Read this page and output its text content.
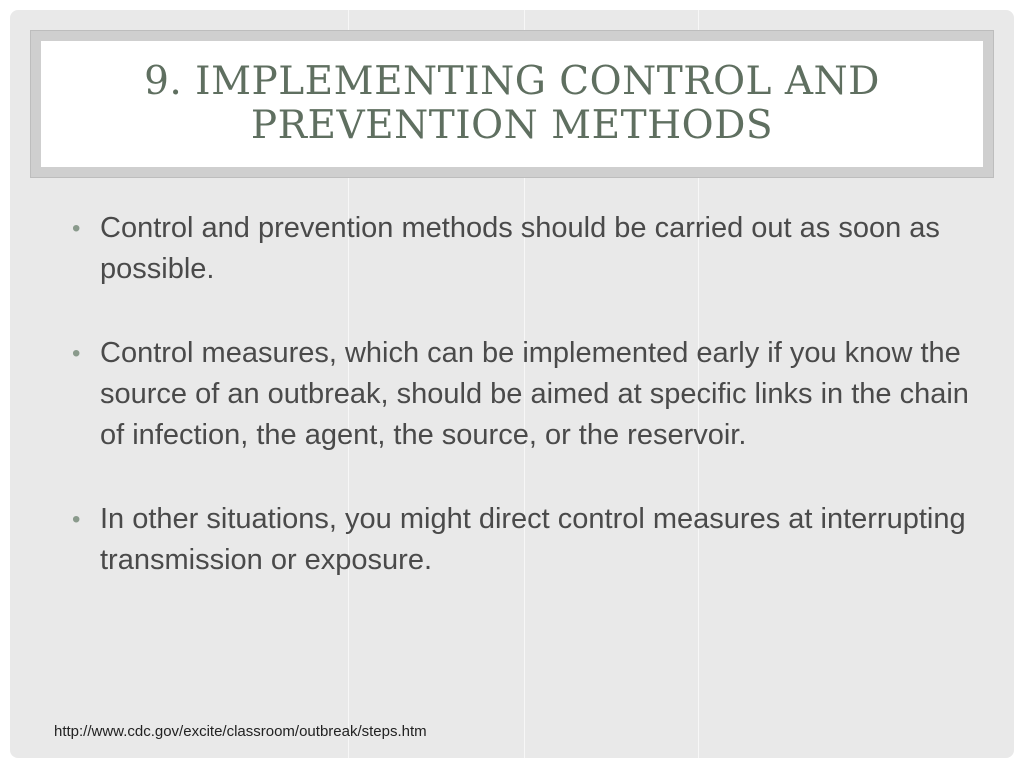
9. IMPLEMENTING CONTROL AND
PREVENTION METHODS
• Control and prevention methods should be carried out as soon as possible.
• Control measures, which can be implemented early if you know the source of an outbreak, should be aimed at specific links in the chain of infection, the agent, the source, or the reservoir.
• In other situations, you might direct control measures at interrupting transmission or exposure.
http://www.cdc.gov/excite/classroom/outbreak/steps.htm
